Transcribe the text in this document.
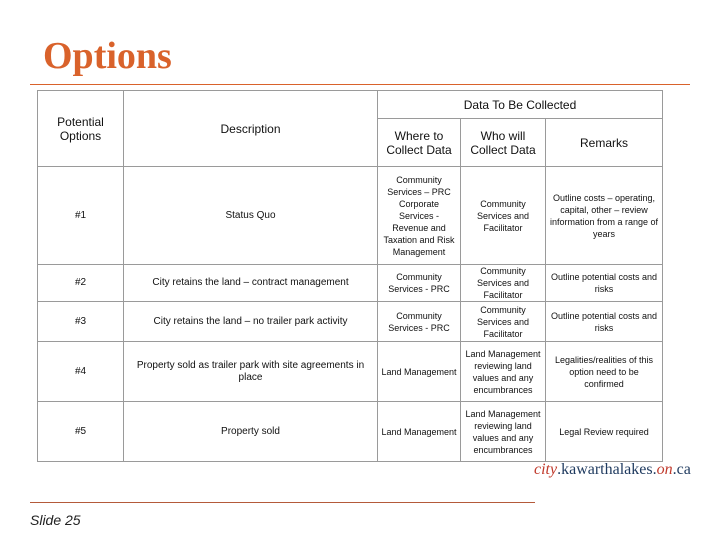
Options
Potential Options	Description	Data To Be Collected		
		Where to Collect Data	Who will Collect Data	Remarks
#1	Status Quo	Community Services – PRC Corporate Services - Revenue and Taxation and Risk Management	Community Services and Facilitator	Outline costs – operating, capital, other – review information from a range of years
#2	City retains the land – contract management	Community Services - PRC	Community Services and Facilitator	Outline potential costs and risks
#3	City retains the land – no trailer park activity	Community Services - PRC	Community Services and Facilitator	Outline potential costs and risks
#4	Property sold as trailer park with site agreements in place	Land Management	Land Management reviewing land values and any encumbrances	Legalities/realities of this option need to be confirmed
#5	Property sold	Land Management	Land Management reviewing land values and any encumbrances	Legal Review required
city.kawarthalakes.on.ca
Slide 25
